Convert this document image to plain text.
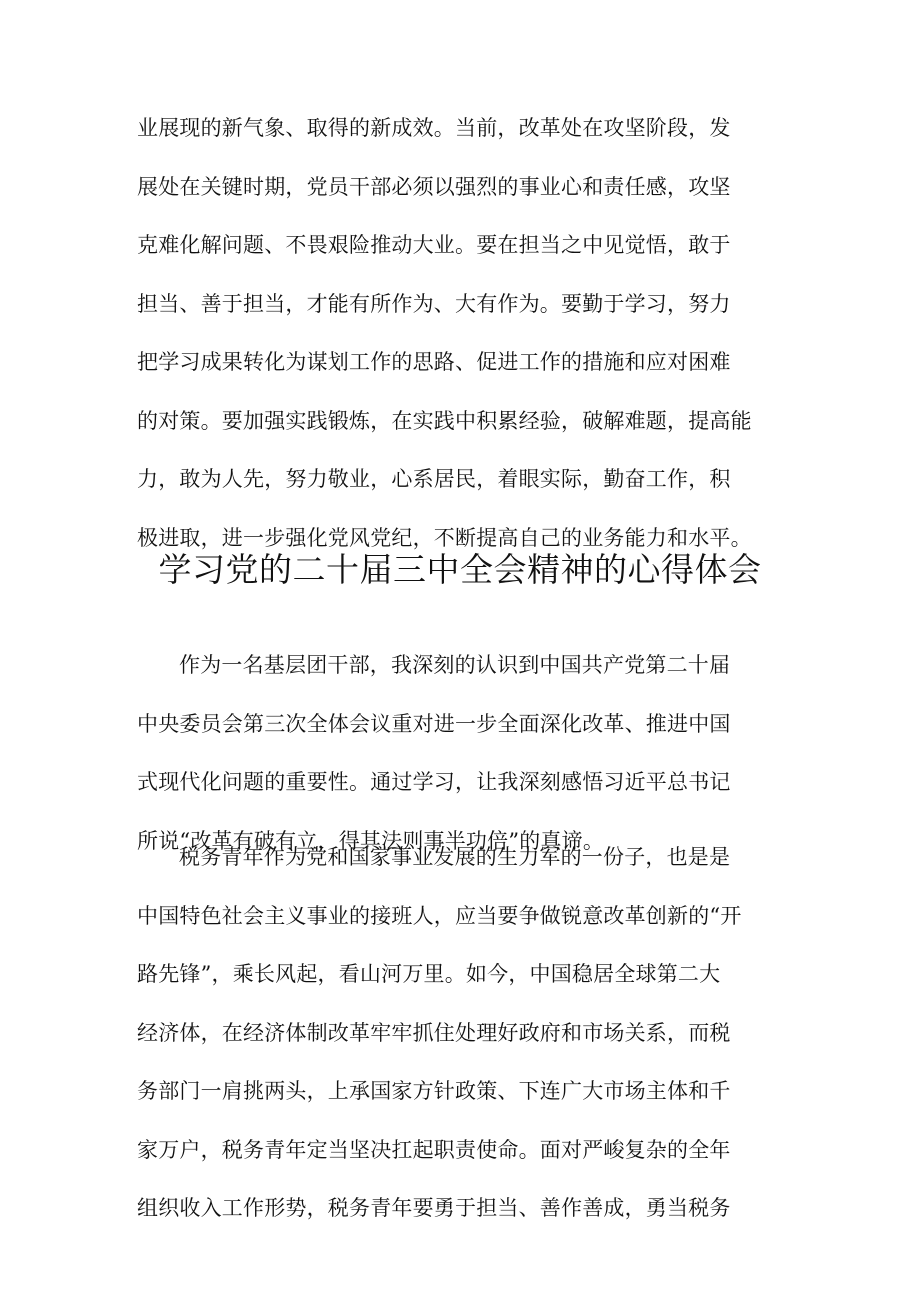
业展现的新气象、取得的新成效。当前，改革处在攻坚阶段，发
展处在关键时期，党员干部必须以强烈的事业心和责任感，攻坚
克难化解问题、不畏艰险推动大业。要在担当之中见觉悟，敢于
担当、善于担当，才能有所作为、大有作为。要勤于学习，努力
把学习成果转化为谋划工作的思路、促进工作的措施和应对困难
的对策。要加强实践锻炼，在实践中积累经验，破解难题，提高能
力，敢为人先，努力敬业，心系居民，着眼实际，勤奋工作，积
极进取，进一步强化党风党纪，不断提高自己的业务能力和水平。
学习党的二十届三中全会精神的心得体会
作为一名基层团干部，我深刻的认识到中国共产党第二十届
中央委员会第三次全体会议重对进一步全面深化改革、推进中国
式现代化问题的重要性。通过学习，让我深刻感悟习近平总书记
所说“改革有破有立，得其法则事半功倍”的真谛。
税务青年作为党和国家事业发展的生力军的一份子，也是是
中国特色社会主义事业的接班人，应当要争做锐意改革创新的“开
路先锋”，乘长风起，看山河万里。如今，中国稳居全球第二大
经济体，在经济体制改革牢牢抓住处理好政府和市场关系，而税
务部门一肩挑两头，上承国家方针政策、下连广大市场主体和千
家万户，税务青年定当坚决扛起职责使命。面对严峻复杂的全年
组织收入工作形势，税务青年要勇于担当、善作善成，勇当税务
